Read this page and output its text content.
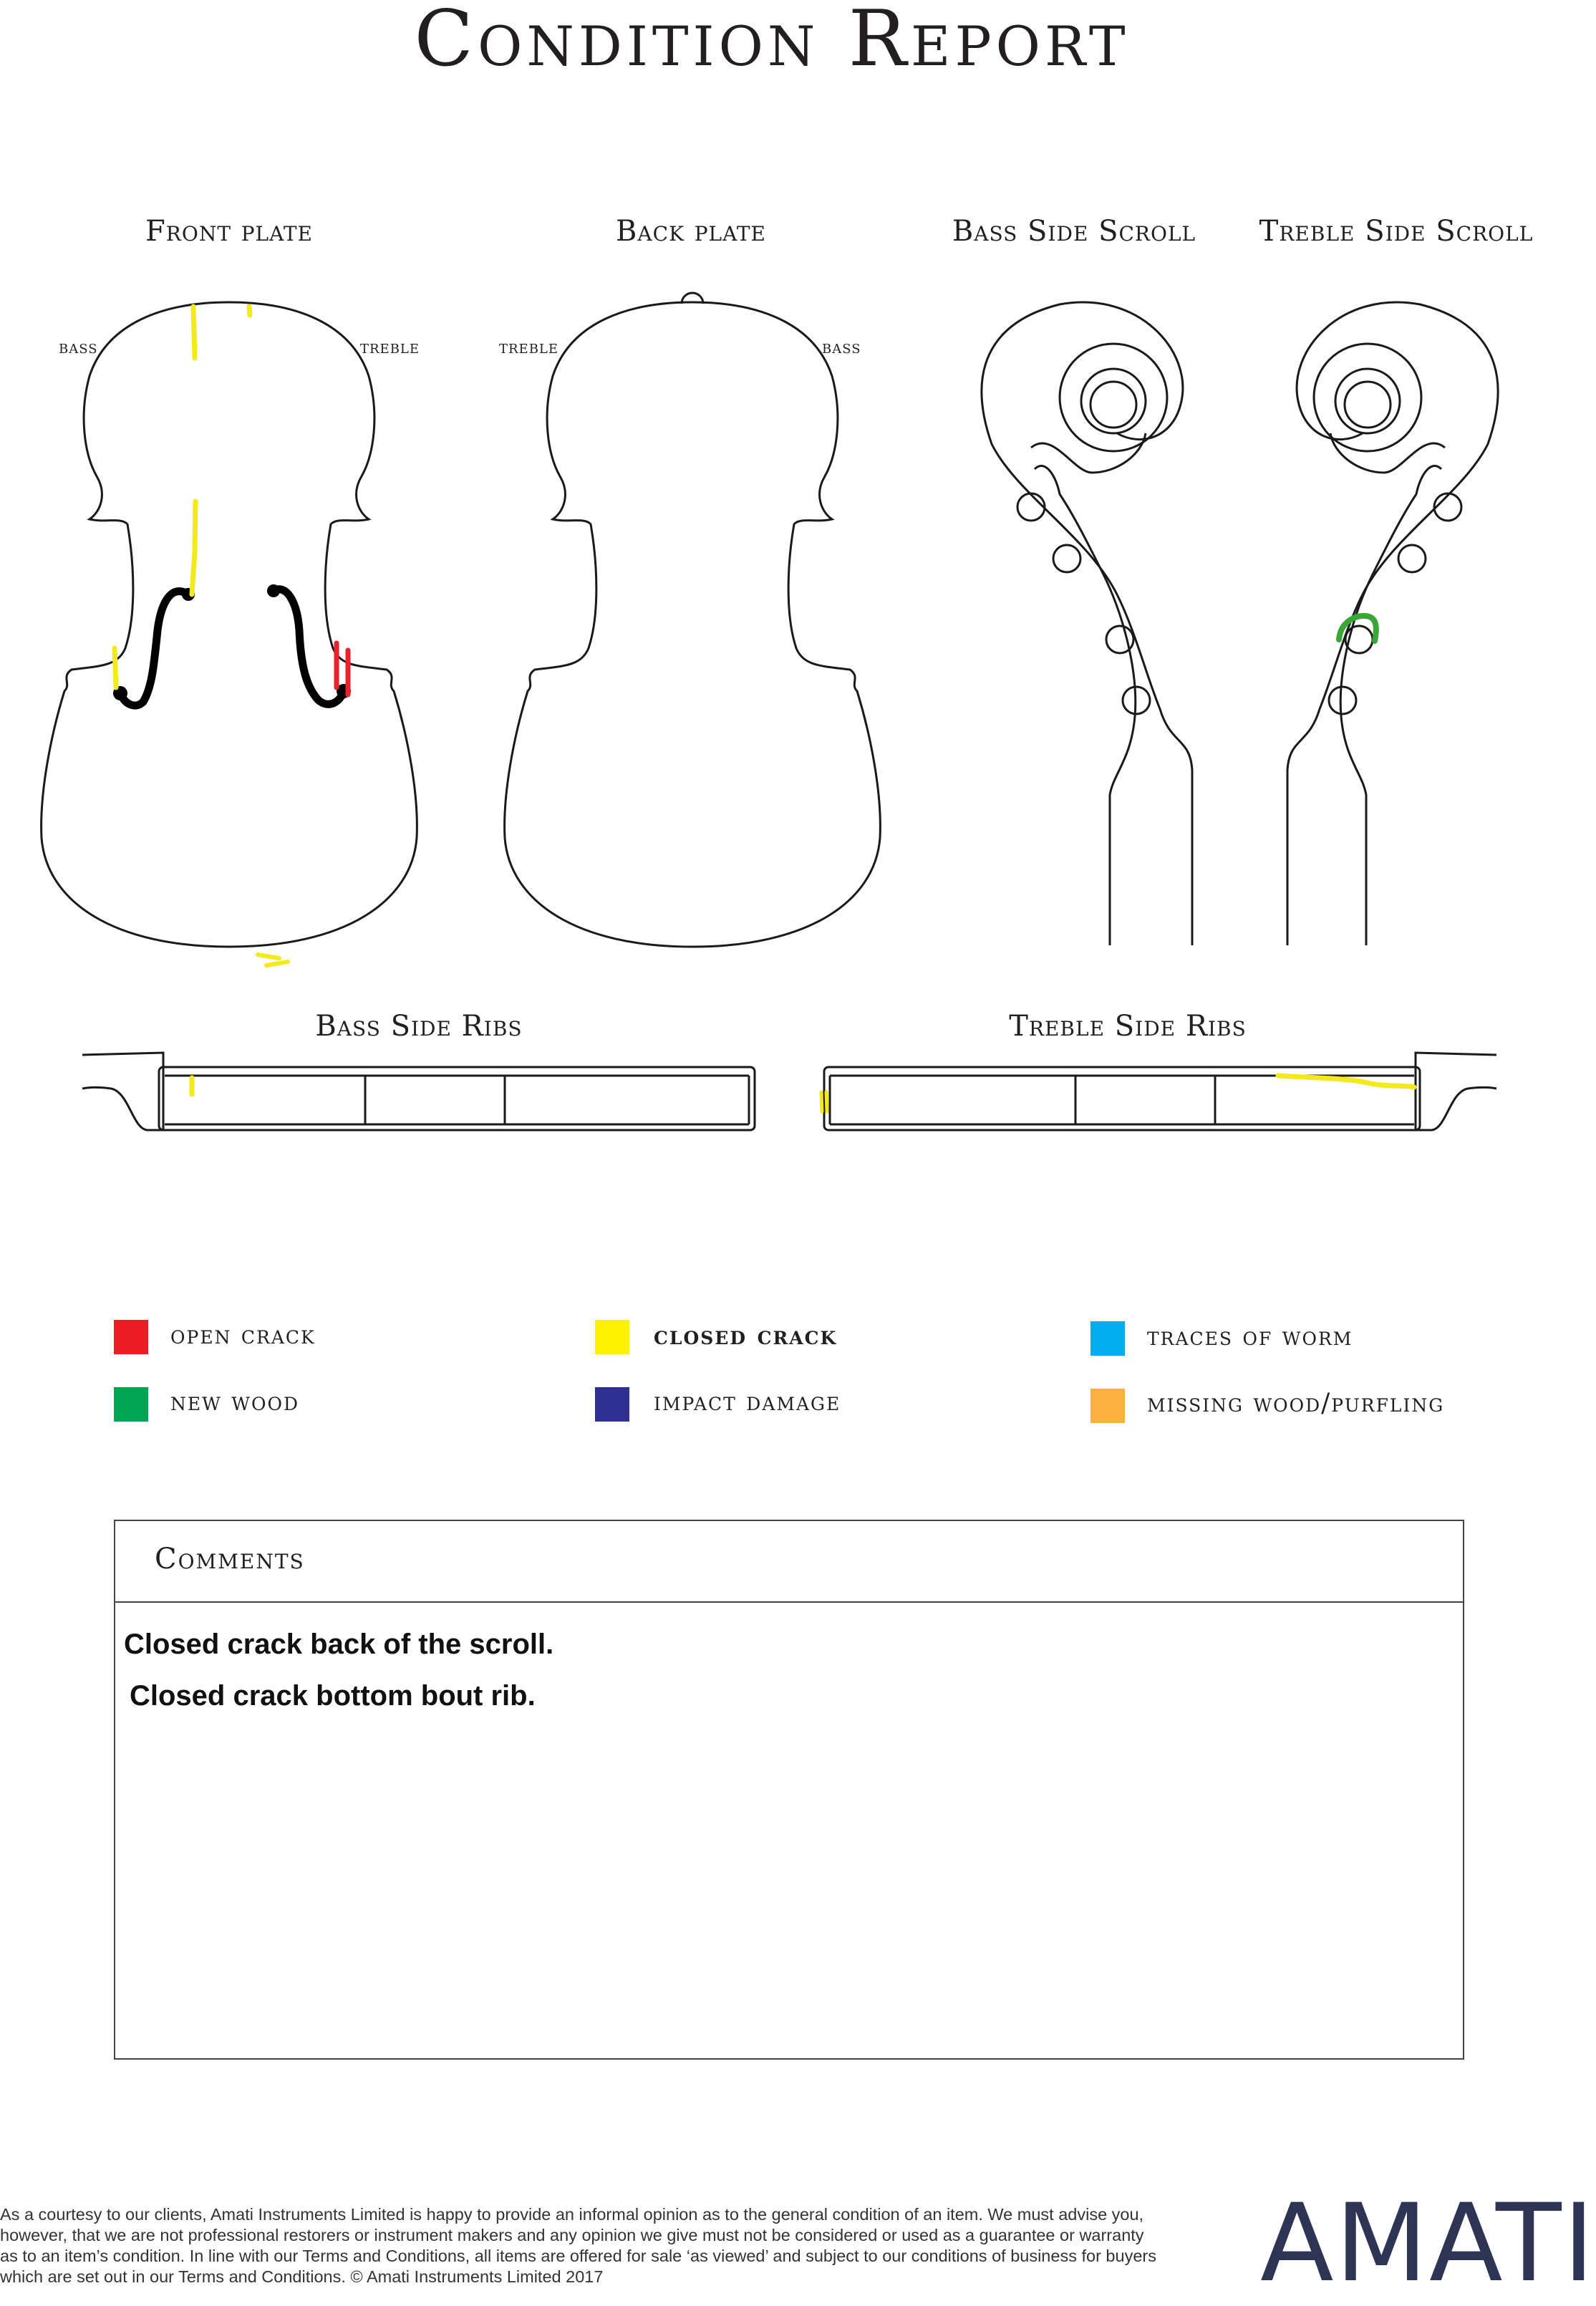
Condition Report
Front plate	Back plate	Bass Side Scroll	Treble Side Scroll
Bass Side Ribs	Treble Side Ribs
bass	treble	treble	bass
open crack	closed crack	traces of worm
new wood	impact damage	missing wood/purfling
Comments
Closed crack back of the scroll.
Closed crack bottom bout rib.
As a courtesy to our clients, Amati Instruments Limited is happy to provide an informal opinion as to the general condition of an item. We must advise you, however, that we are not professional restorers or instrument makers and any opinion we give must not be considered or used as a guarantee or warranty as to an item’s condition. In line with our Terms and Conditions, all items are offered for sale ‘as viewed’ and subject to our conditions of business for buyers which are set out in our Terms and Conditions. © Amati Instruments Limited 2017	AMATI
